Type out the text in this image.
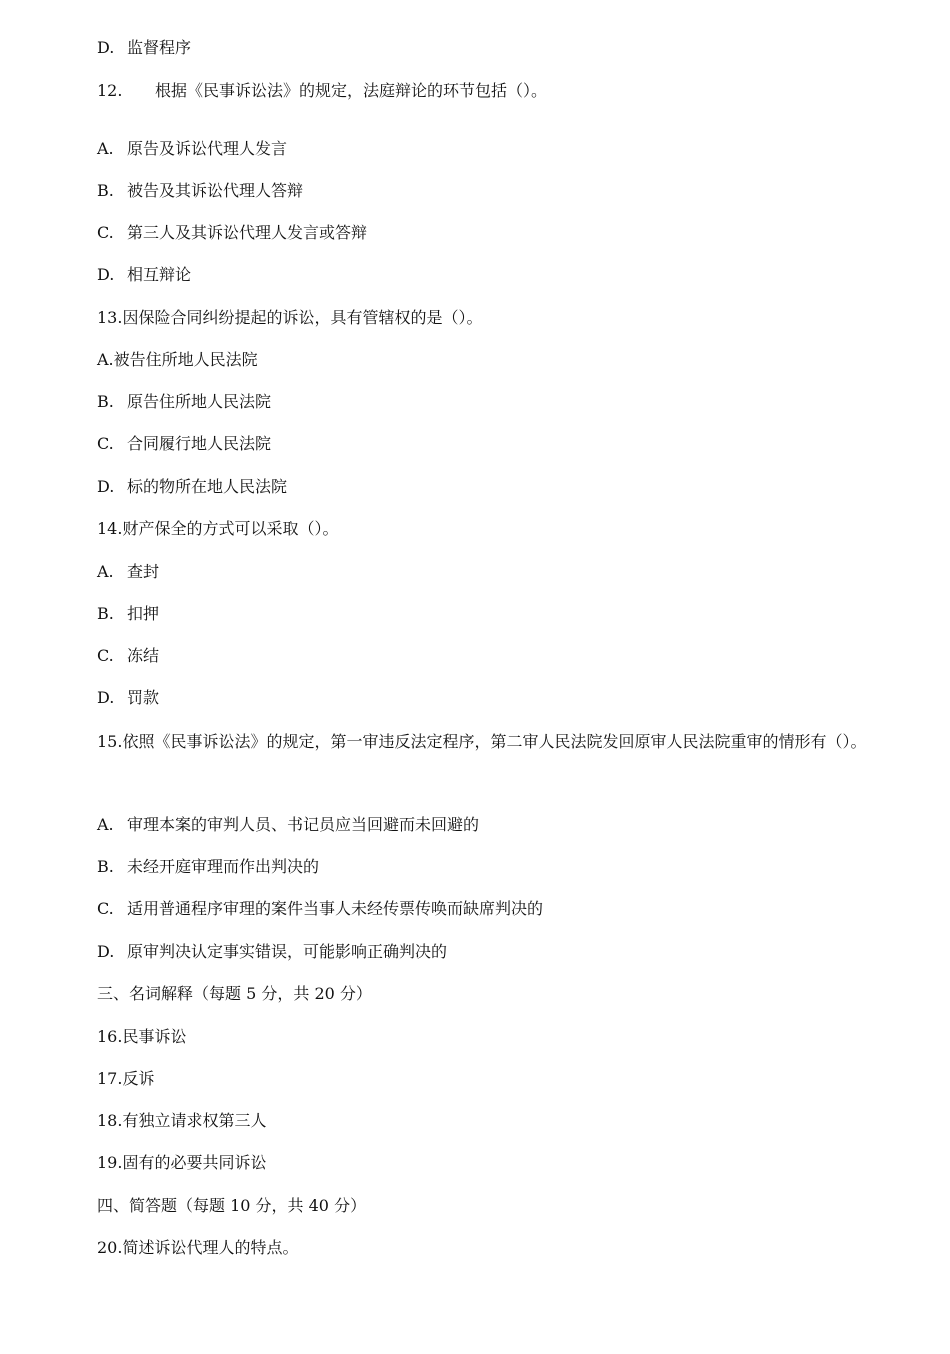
D. 监督程序
12. 根据《民事诉讼法》的规定，法庭辩论的环节包括（）。
A. 原告及诉讼代理人发言
B. 被告及其诉讼代理人答辩
C. 第三人及其诉讼代理人发言或答辩
D. 相互辩论
13.因保险合同纠纷提起的诉讼，具有管辖权的是（）。
A.被告住所地人民法院
B. 原告住所地人民法院
C. 合同履行地人民法院
D. 标的物所在地人民法院
14.财产保全的方式可以采取（）。
A. 查封
B. 扣押
C. 冻结
D. 罚款
15.依照《民事诉讼法》的规定，第一审违反法定程序，第二审人民法院发回原审人民法院重审的情形有（）。
A. 审理本案的审判人员、书记员应当回避而未回避的
B. 未经开庭审理而作出判决的
C. 适用普通程序审理的案件当事人未经传票传唤而缺席判决的
D. 原审判决认定事实错误，可能影响正确判决的
三、名词解释（每题 5 分，共 20 分）
16.民事诉讼
17.反诉
18.有独立请求权第三人
19.固有的必要共同诉讼
四、简答题（每题 10 分，共 40 分）
20.简述诉讼代理人的特点。
